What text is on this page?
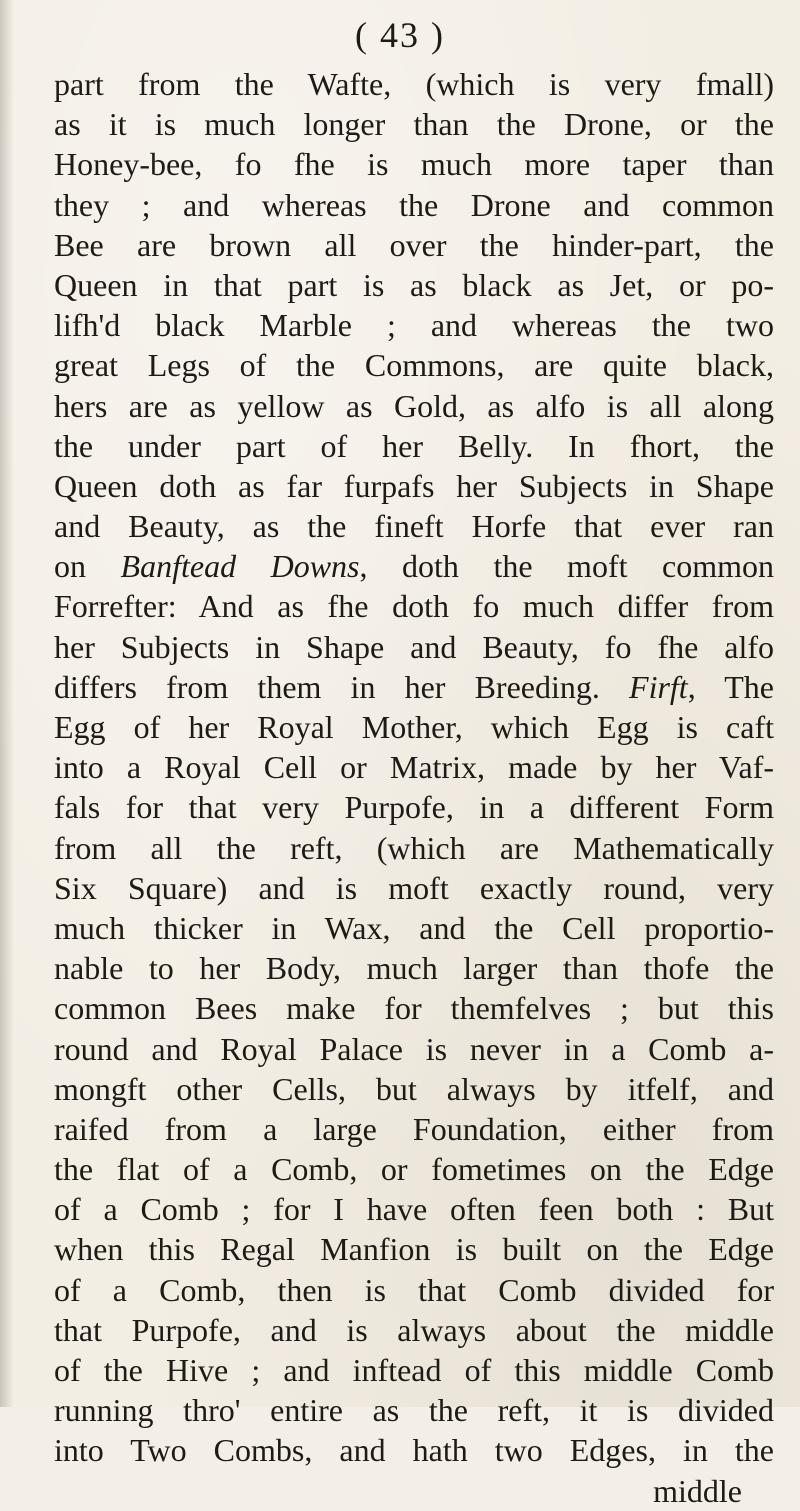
( 43 )
part from the Wafte, (which is very fmall)
as it is much longer than the Drone, or the
Honey-bee, fo fhe is much more taper than
they ; and whereas the Drone and common
Bee are brown all over the hinder-part, the
Queen in that part is as black as Jet, or po-
lifh'd black Marble ; and whereas the two
great Legs of the Commons, are quite black,
hers are as yellow as Gold, as alfo is all along
the under part of her Belly. In fhort, the
Queen doth as far furpafs her Subjects in Shape
and Beauty, as the fineft Horfe that ever ran
on Banftead Downs, doth the moft common
Forrefter: And as fhe doth fo much differ from
her Subjects in Shape and Beauty, fo fhe alfo
differs from them in her Breeding. Firft, The
Egg of her Royal Mother, which Egg is caft
into a Royal Cell or Matrix, made by her Vaf-
fals for that very Purpofe, in a different Form
from all the reft, (which are Mathematically
Six Square) and is moft exactly round, very
much thicker in Wax, and the Cell proportio-
nable to her Body, much larger than thofe the
common Bees make for themfelves ; but this
round and Royal Palace is never in a Comb a-
mongft other Cells, but always by itfelf, and
raifed from a large Foundation, either from
the flat of a Comb, or fometimes on the Edge
of a Comb ; for I have often feen both : But
when this Regal Manfion is built on the Edge
of a Comb, then is that Comb divided for
that Purpofe, and is always about the middle
of the Hive ; and inftead of this middle Comb
running thro' entire as the reft, it is divided
into Two Combs, and hath two Edges, in the
middle
